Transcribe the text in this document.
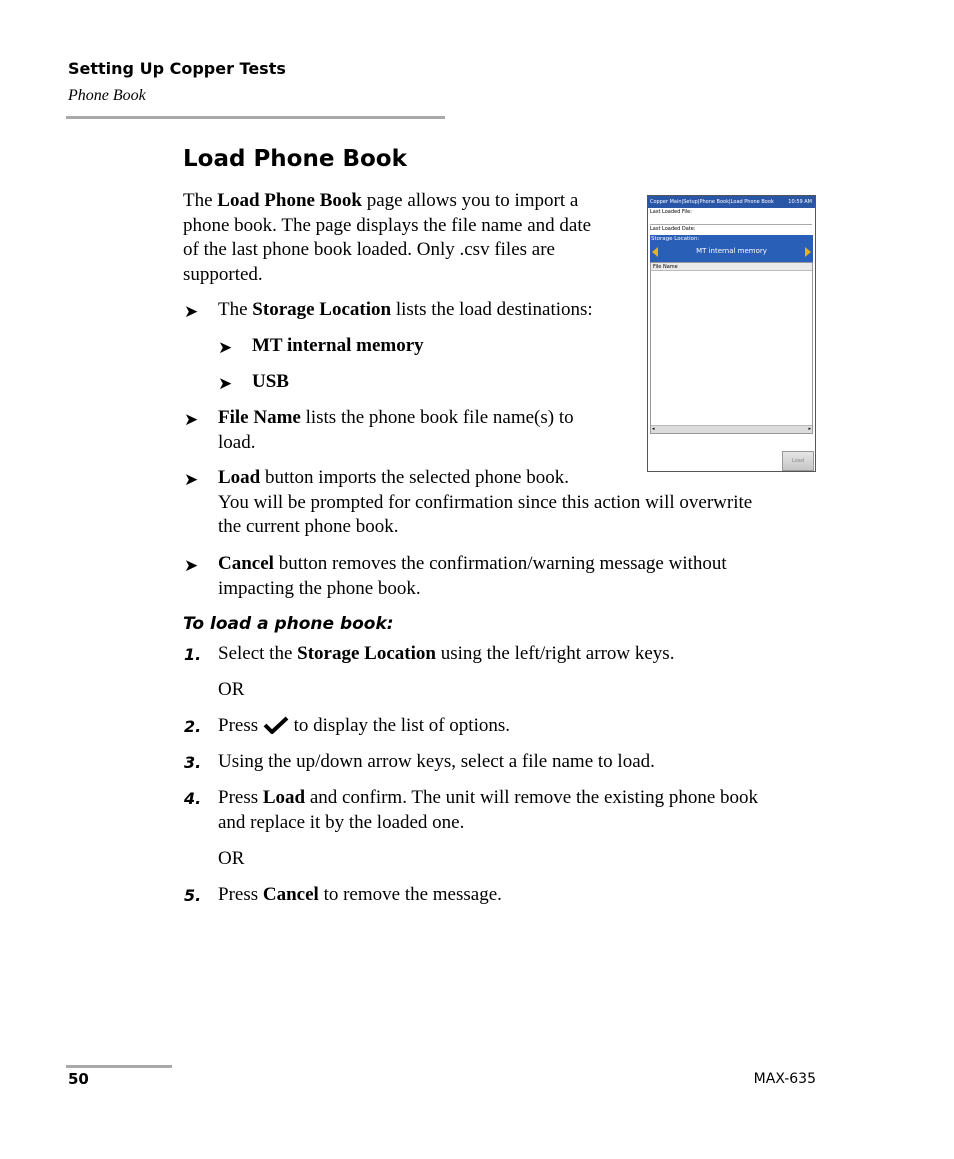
Setting Up Copper Tests
Phone Book
Load Phone Book
The Load Phone Book page allows you to import a
phone book. The page displays the file name and date
of the last phone book loaded. Only .csv files are
supported.
➤ The Storage Location lists the load destinations:
➤ MT internal memory
➤ USB
➤ File Name lists the phone book file name(s) to
load.
➤ Load button imports the selected phone book.
You will be prompted for confirmation since this action will overwrite
the current phone book.
➤ Cancel button removes the confirmation/warning message without
impacting the phone book.
To load a phone book:
1. Select the Storage Location using the left/right arrow keys.
OR
2. Press  to display the list of options.
3. Using the up/down arrow keys, select a file name to load.
4. Press Load and confirm. The unit will remove the existing phone book
and replace it by the loaded one.
OR
5. Press Cancel to remove the message.
Copper Main|Setup|Phone Book|Load Phone Book	10:59 AM
Last Loaded File:
Last Loaded Date:
Storage Location:
MT internal memory
File Name
◂	▸
Load
50	MAX-635
